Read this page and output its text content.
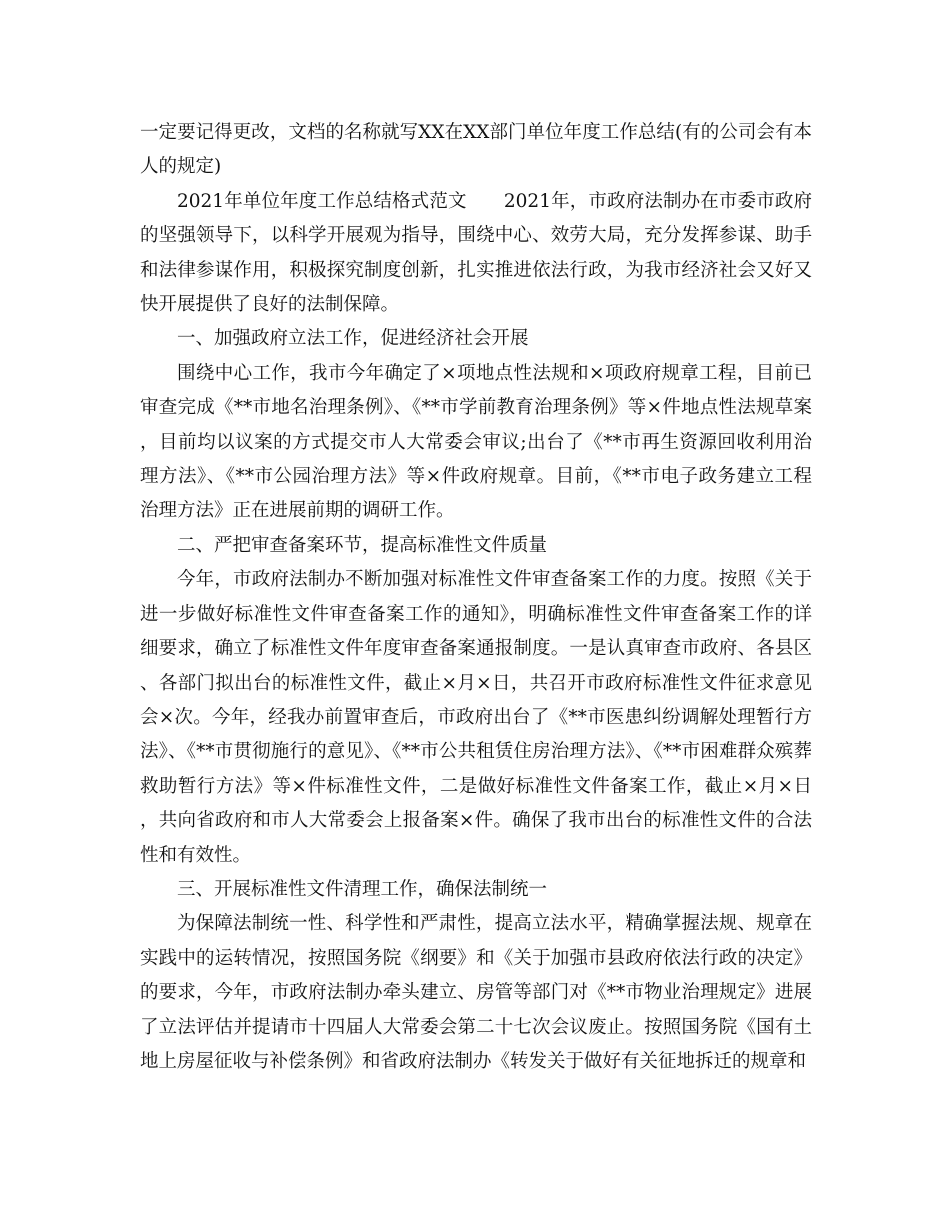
一定要记得更改，文档的名称就写XX在XX部门单位年度工作总结(有的公司会有本人的规定)

2021年单位年度工作总结格式范文　　2021年，市政府法制办在市委市政府的坚强领导下，以科学开展观为指导，围绕中心、效劳大局，充分发挥参谋、助手和法律参谋作用，积极探究制度创新，扎实推进依法行政，为我市经济社会又好又快开展提供了良好的法制保障。

一、加强政府立法工作，促进经济社会开展

围绕中心工作，我市今年确定了×项地点性法规和×项政府规章工程，目前已审查完成《**市地名治理条例》、《**市学前教育治理条例》等×件地点性法规草案，目前均以议案的方式提交市人大常委会审议;出台了《**市再生资源回收利用治理方法》、《**市公园治理方法》等×件政府规章。目前，《**市电子政务建立工程治理方法》正在进展前期的调研工作。

二、严把审查备案环节，提高标准性文件质量

今年，市政府法制办不断加强对标准性文件审查备案工作的力度。按照《关于进一步做好标准性文件审查备案工作的通知》，明确标准性文件审查备案工作的详细要求，确立了标准性文件年度审查备案通报制度。一是认真审查市政府、各县区、各部门拟出台的标准性文件，截止×月×日，共召开市政府标准性文件征求意见会×次。今年，经我办前置审查后，市政府出台了《**市医患纠纷调解处理暂行方法》、《**市贯彻施行的意见》、《**市公共租赁住房治理方法》、《**市困难群众殡葬救助暂行方法》等×件标准性文件，二是做好标准性文件备案工作，截止×月×日，共向省政府和市人大常委会上报备案×件。确保了我市出台的标准性文件的合法性和有效性。

三、开展标准性文件清理工作，确保法制统一

为保障法制统一性、科学性和严肃性，提高立法水平，精确掌握法规、规章在实践中的运转情况，按照国务院《纲要》和《关于加强市县政府依法行政的决定》的要求，今年，市政府法制办牵头建立、房管等部门对《**市物业治理规定》进展了立法评估并提请市十四届人大常委会第二十七次会议废止。按照国务院《国有土地上房屋征收与补偿条例》和省政府法制办《转发关于做好有关征地拆迁的规章和
